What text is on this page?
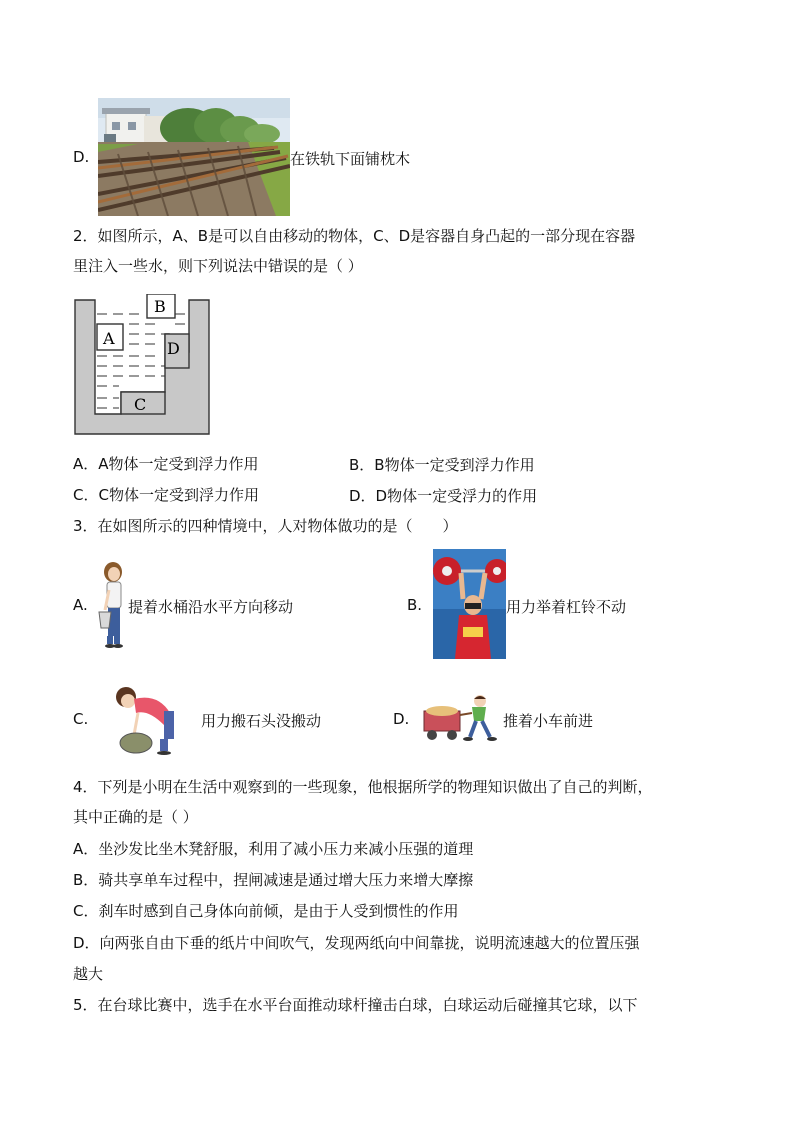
D.	在铁轨下面铺枕木
2．如图所示，A、B是可以自由移动的物体，C、D是容器自身凸起的一部分现在容器
里注入一些水，则下列说法中错误的是（ ）
A
B
D
C
A．A物体一定受到浮力作用	B．B物体一定受到浮力作用
C．C物体一定受到浮力作用	D．D物体一定受浮力的作用
3．在如图所示的四种情境中，人对物体做功的是（　　）
A.	提着水桶沿水平方向移动	B.	用力举着杠铃不动
C.	用力搬石头没搬动	D.	推着小车前进
4．下列是小明在生活中观察到的一些现象，他根据所学的物理知识做出了自己的判断，
其中正确的是（ ）
A．坐沙发比坐木凳舒服，利用了减小压力来减小压强的道理
B．骑共享单车过程中，捏闸减速是通过增大压力来增大摩擦
C．刹车时感到自己身体向前倾，是由于人受到惯性的作用
D．向两张自由下垂的纸片中间吹气，发现两纸向中间靠拢，说明流速越大的位置压强
越大
5．在台球比赛中，选手在水平台面推动球杆撞击白球，白球运动后碰撞其它球，以下
